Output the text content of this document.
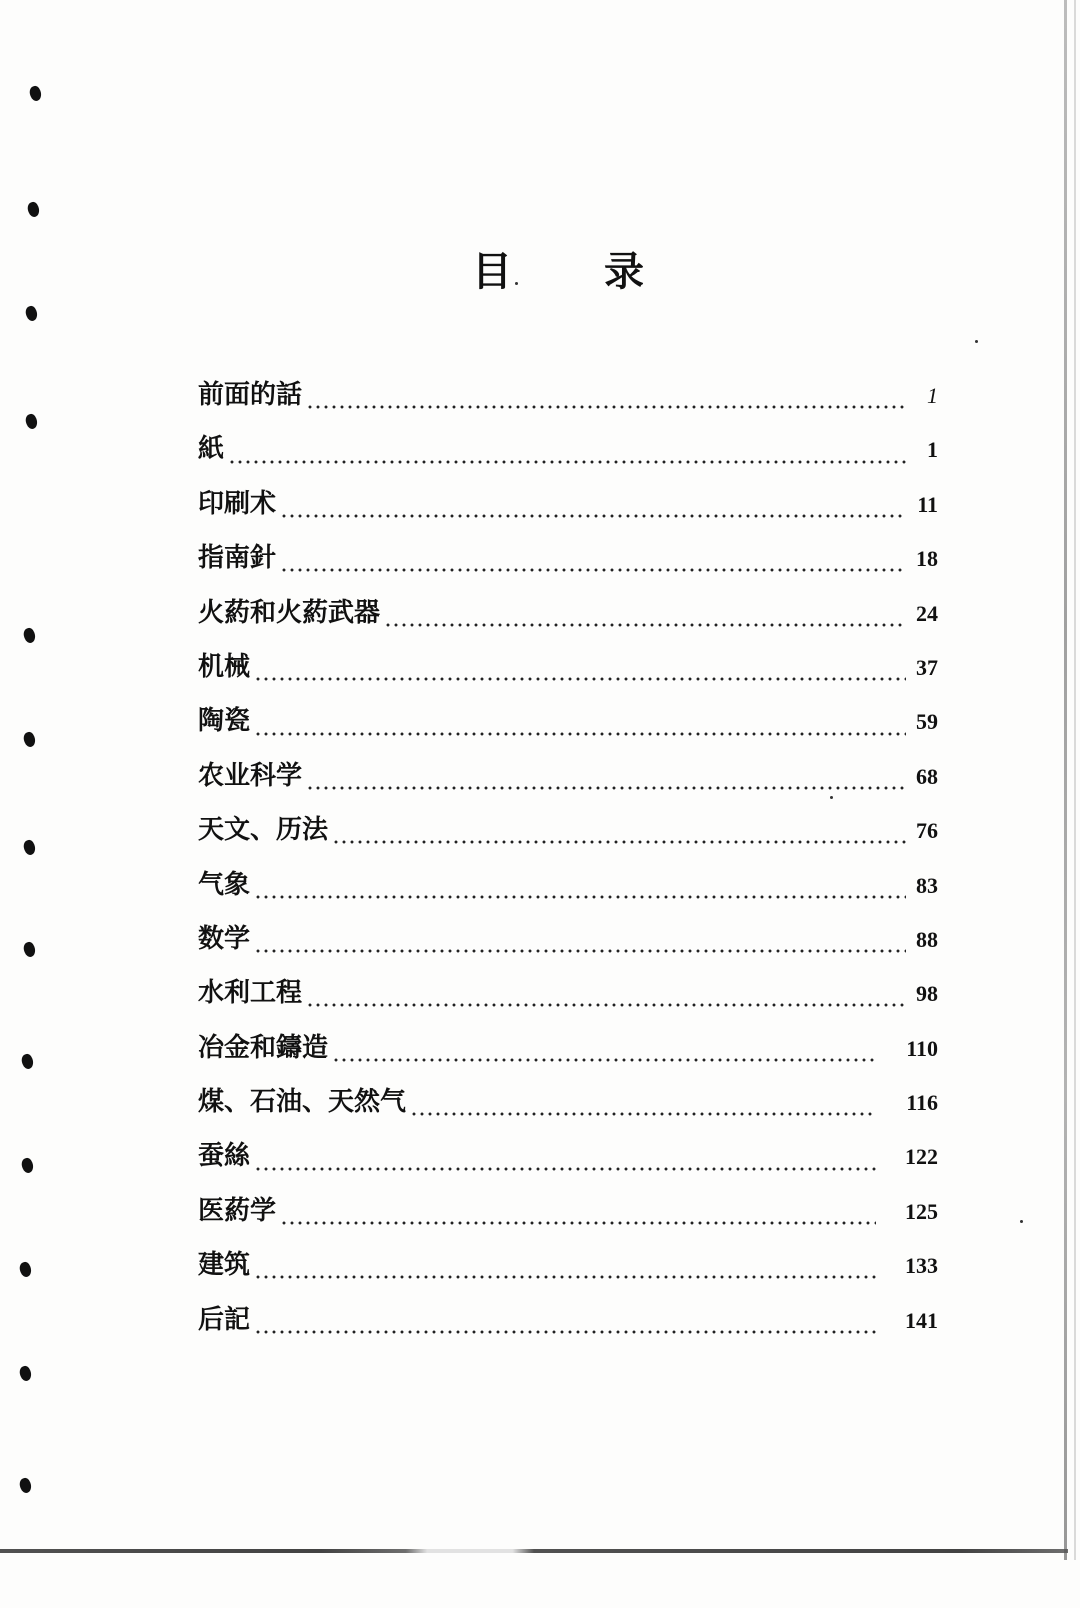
目 录
前面的話	1
紙	1
印刷术	11
指南針	18
火葯和火葯武器	24
机械	37
陶瓷	59
农业科学	68
天文、历法	76
气象	83
数学	88
水利工程	98
冶金和鑄造	110
煤、石油、天然气	116
蚕絲	122
医葯学	125
建筑	133
后記	141
